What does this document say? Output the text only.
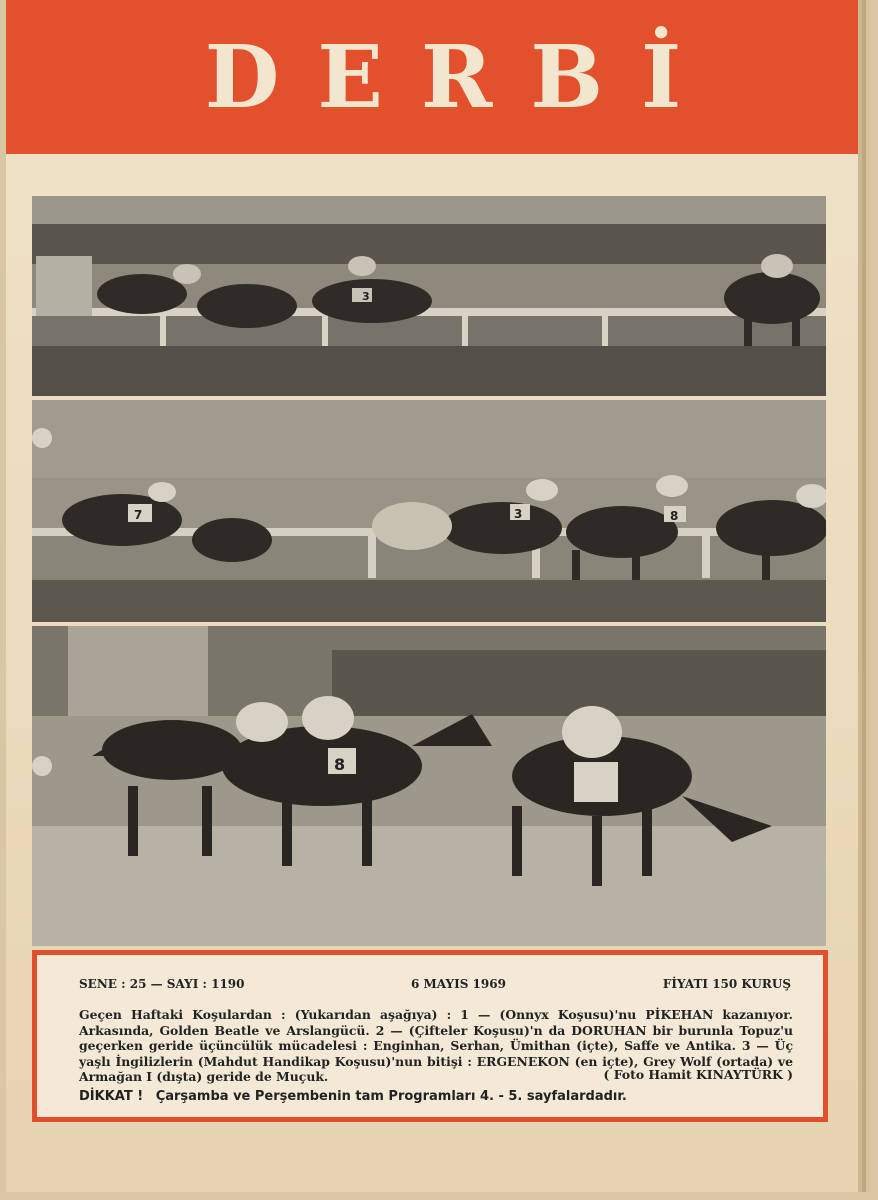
DERBİ
3
7	3	8
8
SENE : 25 — SAYI : 1190	6 MAYIS 1969	FİYATI 150 KURUŞ
Geçen Haftaki Koşulardan : (Yukarıdan aşağıya) : 1 — (Onnyx Koşusu)'nu PİKEHAN kazanıyor. Arkasında, Golden Beatle ve Arslangücü. 2 — (Çifteler Koşusu)'n da DORUHAN bir burunla Topuz'u geçerken geride üçüncülük mücadelesi : Enginhan, Serhan, Ümithan (içte), Saffe ve Antika. 3 — Üç yaşlı İngilizlerin (Mahdut Handikap Koşusu)'nun bitişi : ERGENEKON (en içte), Grey Wolf (ortada) ve Armağan I (dışta) geride de Muçuk.
DİKKAT ! Çarşamba ve Perşembenin tam Programları 4. - 5. sayfalardadır.
( Foto Hamit KINAYTÜRK )
